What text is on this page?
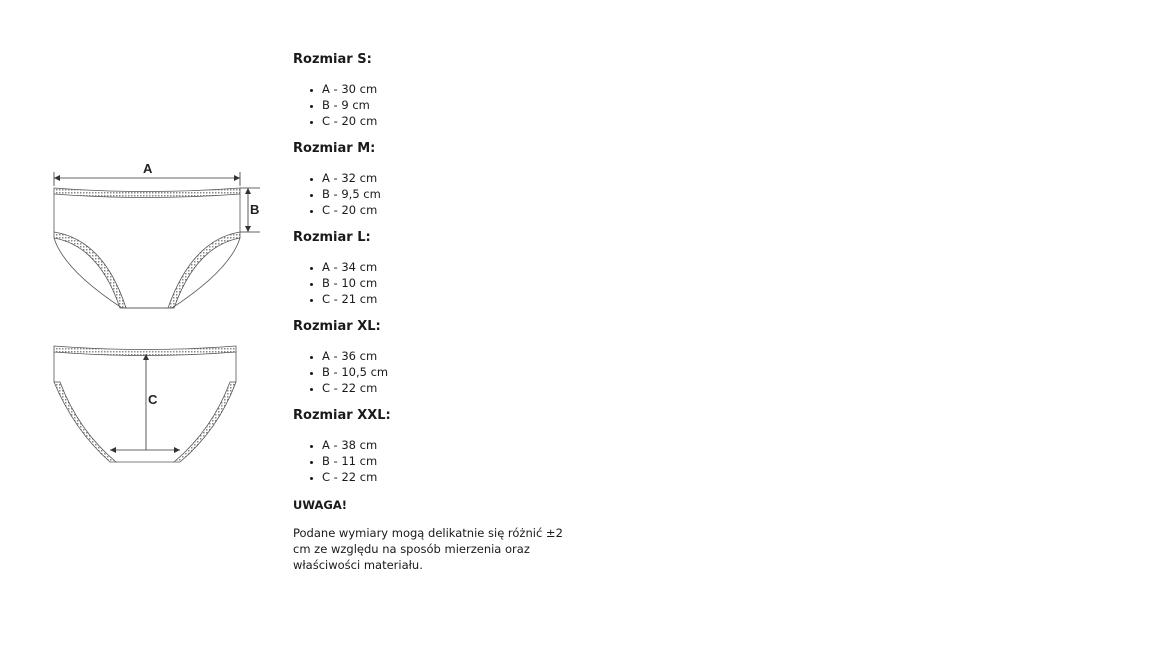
A
B
C
Rozmiar S:
• A - 30 cm
• B - 9 cm
• C - 20 cm
Rozmiar M:
• A - 32 cm
• B - 9,5 cm
• C - 20 cm
Rozmiar L:
• A - 34 cm
• B - 10 cm
• C - 21 cm
Rozmiar XL:
• A - 36 cm
• B - 10,5 cm
• C - 22 cm
Rozmiar XXL:
• A - 38 cm
• B - 11 cm
• C - 22 cm

UWAGA!

Podane wymiary mogą delikatnie się różnić ±2 cm ze względu na sposób mierzenia oraz właściwości materiału.
